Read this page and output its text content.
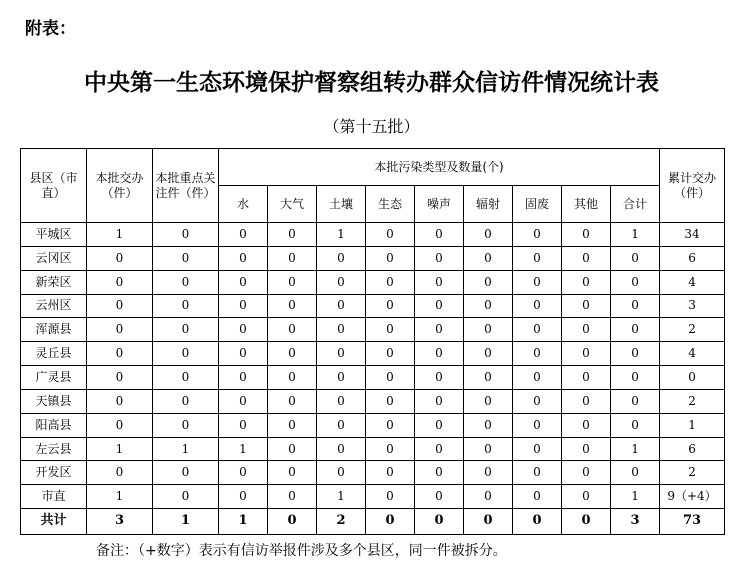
附表：
中央第一生态环境保护督察组转办群众信访件情况统计表
（第十五批）
县区（市直）	本批交办（件）	本批重点关注件（件）	本批污染类型及数量(个)									累计交办（件）
			水	大气	土壤	生态	噪声	辐射	固废	其他	合计	
平城区	1	0	0	0	1	0	0	0	0	0	1	34
云冈区	0	0	0	0	0	0	0	0	0	0	0	6
新荣区	0	0	0	0	0	0	0	0	0	0	0	4
云州区	0	0	0	0	0	0	0	0	0	0	0	3
浑源县	0	0	0	0	0	0	0	0	0	0	0	2
灵丘县	0	0	0	0	0	0	0	0	0	0	0	4
广灵县	0	0	0	0	0	0	0	0	0	0	0	0
天镇县	0	0	0	0	0	0	0	0	0	0	0	2
阳高县	0	0	0	0	0	0	0	0	0	0	0	1
左云县	1	1	1	0	0	0	0	0	0	0	1	6
开发区	0	0	0	0	0	0	0	0	0	0	0	2
市直	1	0	0	0	1	0	0	0	0	0	1	9（+4）
共计	3	1	1	0	2	0	0	0	0	0	3	73
备注：（+数字）表示有信访举报件涉及多个县区，同一件被拆分。
